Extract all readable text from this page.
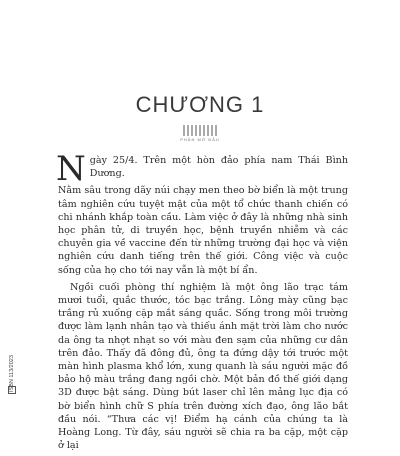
CHƯƠNG 1
PHẦN MỞ ĐẦU

Ngày 25/4. Trên một hòn đảo phía nam Thái Bình Dương.

Nằm sâu trong dãy núi chạy men theo bờ biển là một trung tâm nghiên cứu tuyệt mật của một tổ chức thanh chiến có chi nhánh khắp toàn cầu. Làm việc ở đây là những nhà sinh học phân tử, di truyền học, bệnh truyền nhiễm và các chuyên gia về vaccine đến từ những trường đại học và viện nghiên cứu danh tiếng trên thế giới. Công việc và cuộc sống của họ cho tới nay vẫn là một bí ẩn.

Ngồi cuối phòng thí nghiệm là một ông lão trạc tám mươi tuổi, quắc thước, tóc bạc trắng. Lông mày cũng bạc trắng rủ xuống cặp mắt sáng quắc. Sống trong môi trường được làm lạnh nhân tạo và thiếu ánh mặt trời làm cho nước da ông ta nhợt nhạt so với màu đen sạm của những cư dân trên đảo. Thấy đã đông đủ, ông ta đứng dậy tới trước một màn hình plasma khổ lớn, xung quanh là sáu người mặc đồ bảo hộ màu trắng đang ngồi chờ. Một bản đồ thế giới dạng 3D được bật sáng. Dùng bút laser chỉ lên mảng lục địa có bờ biển hình chữ S phía trên đường xích đạo, ông lão bắt đầu nói. “Thưa các vị! Điểm hạ cánh của chúng ta là Hoàng Long. Từ đây, sáu người sẽ chia ra ba cặp, một cặp ở lại

ISBN 113/2023
